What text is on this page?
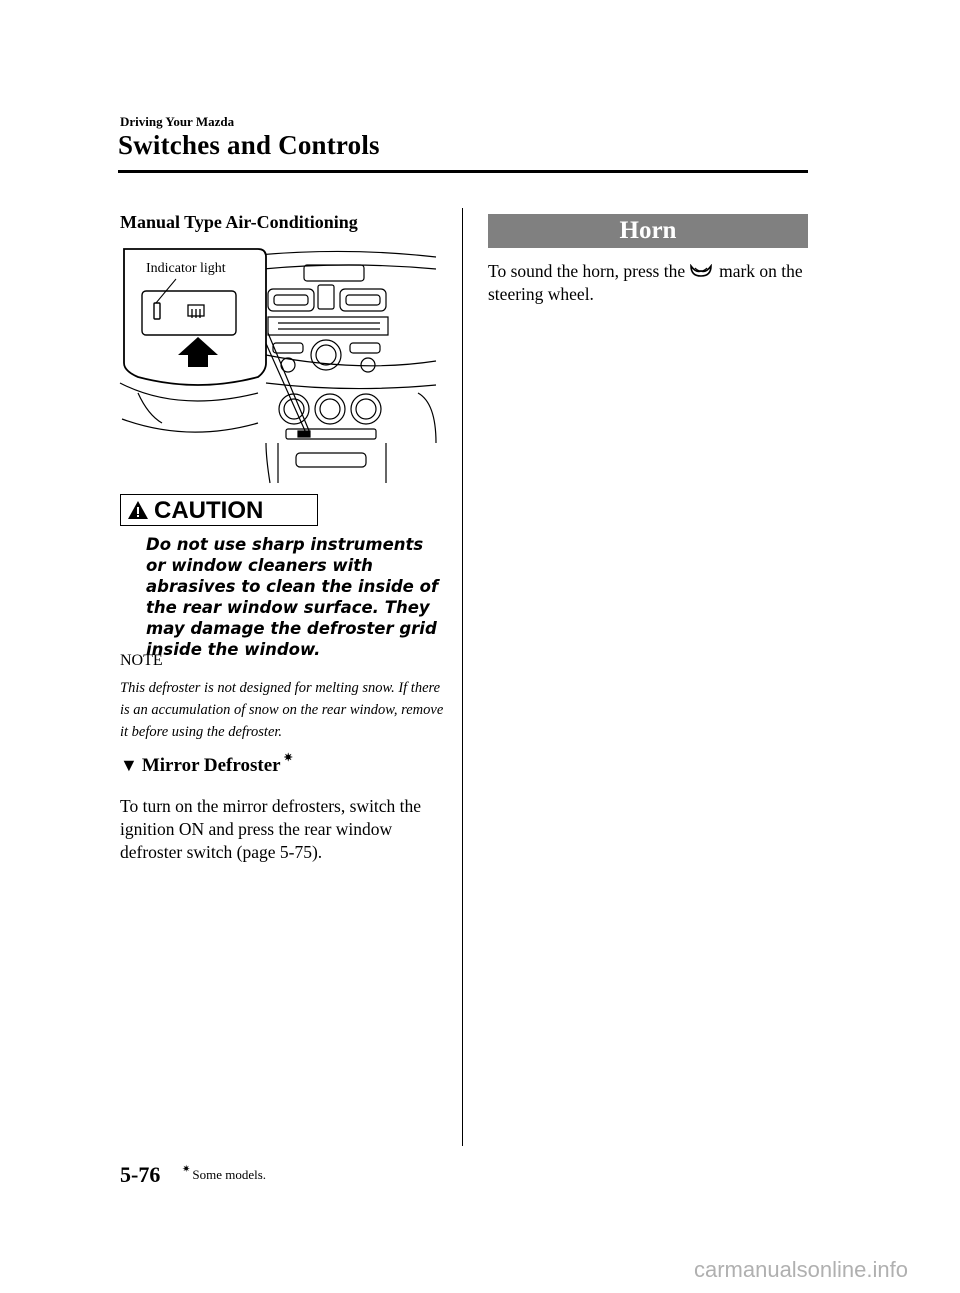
Driving Your Mazda
Switches and Controls
Manual Type Air-Conditioning
Indicator light
CAUTION
Do not use sharp instruments or window cleaners with abrasives to clean the inside of the rear window surface. They may damage the defroster grid inside the window.
NOTE
This defroster is not designed for melting snow. If there is an accumulation of snow on the rear window, remove it before using the defroster.
▼ Mirror Defroster ✷
To turn on the mirror defrosters, switch the ignition ON and press the rear window defroster switch (page 5-75).
Horn
To sound the horn, press the mark on the steering wheel.
5-76 ✷ Some models.
carmanualsonline.info
